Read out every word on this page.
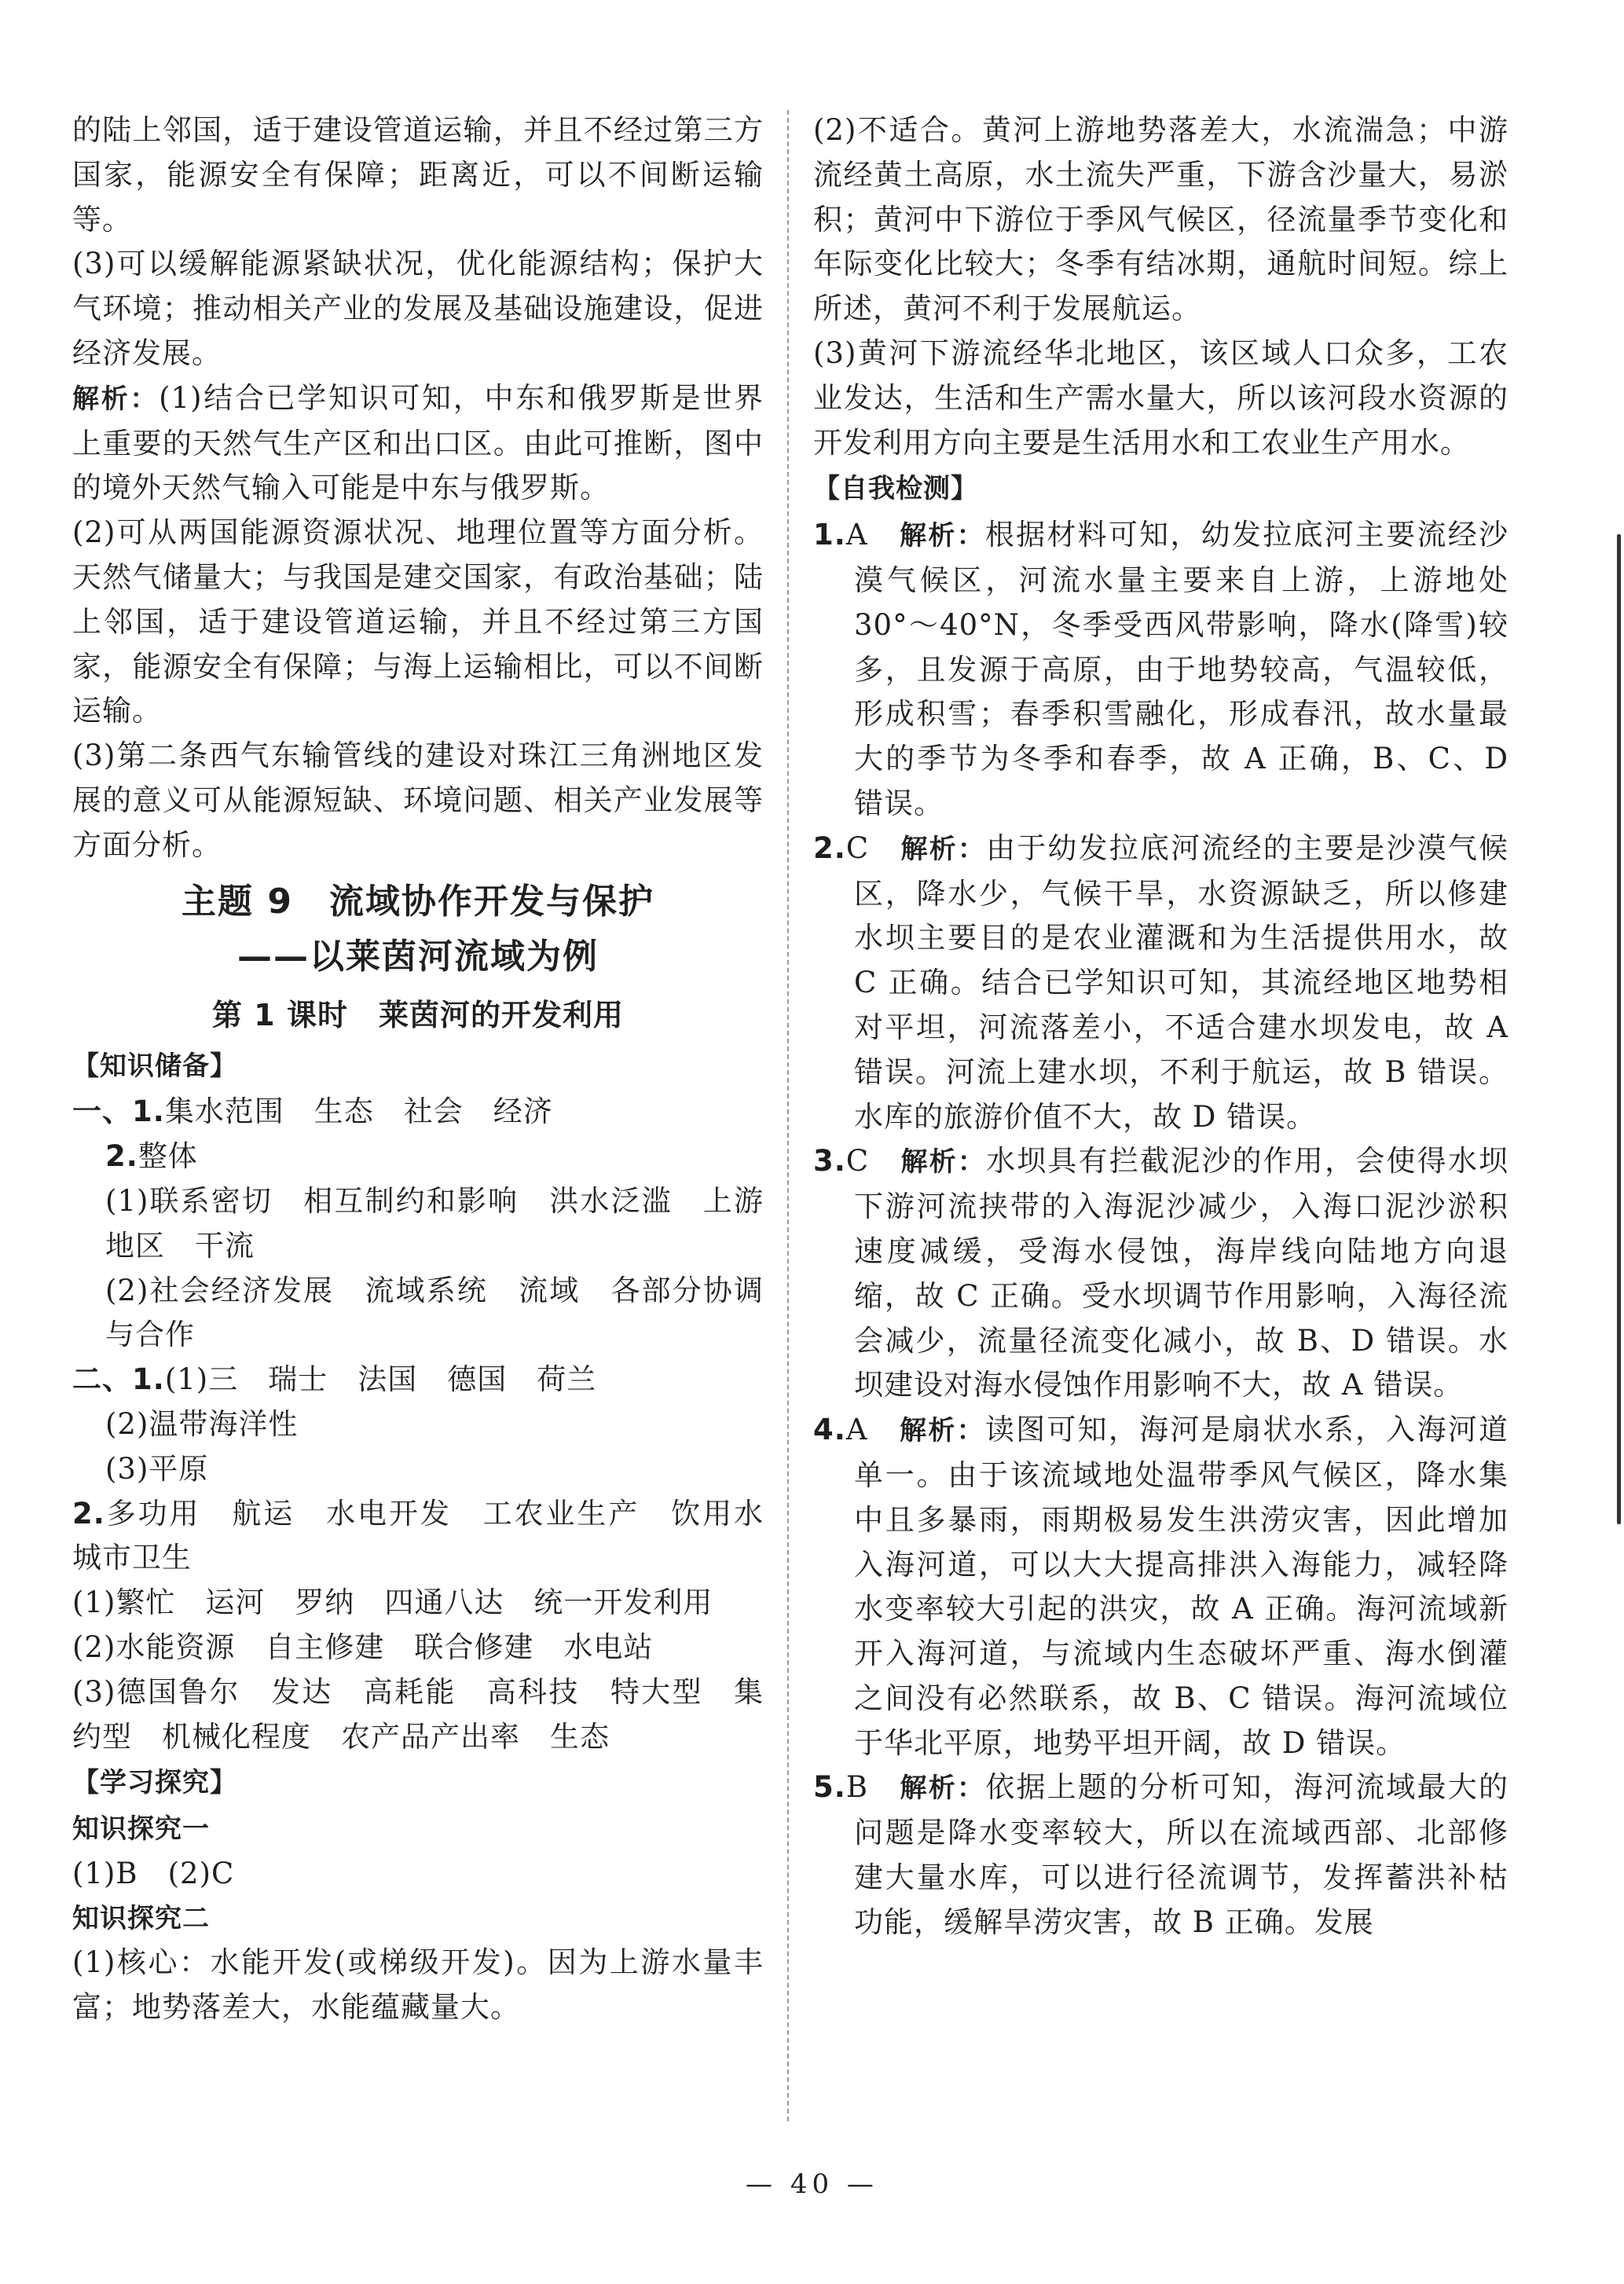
的陆上邻国，适于建设管道运输，并且不经过第三方国家，能源安全有保障；距离近，可以不间断运输等。

(3)可以缓解能源紧缺状况，优化能源结构；保护大气环境；推动相关产业的发展及基础设施建设，促进经济发展。

解析：(1)结合已学知识可知，中东和俄罗斯是世界上重要的天然气生产区和出口区。由此可推断，图中的境外天然气输入可能是中东与俄罗斯。

(2)可从两国能源资源状况、地理位置等方面分析。天然气储量大；与我国是建交国家，有政治基础；陆上邻国，适于建设管道运输，并且不经过第三方国家，能源安全有保障；与海上运输相比，可以不间断运输。

(3)第二条西气东输管线的建设对珠江三角洲地区发展的意义可从能源短缺、环境问题、相关产业发展等方面分析。

主题 9　流域协作开发与保护
——以莱茵河流域为例
第 1 课时　莱茵河的开发利用
【知识储备】

一、1.集水范围　生态　社会　经济

2.整体

(1)联系密切　相互制约和影响　洪水泛滥　上游地区　干流

(2)社会经济发展　流域系统　流域　各部分协调与合作

二、1.(1)三　瑞士　法国　德国　荷兰

(2)温带海洋性

(3)平原

2.多功用　航运　水电开发　工农业生产　饮用水　城市卫生

(1)繁忙　运河　罗纳　四通八达　统一开发利用

(2)水能资源　自主修建　联合修建　水电站

(3)德国鲁尔　发达　高耗能　高科技　特大型　集约型　机械化程度　农产品产出率　生态

【学习探究】
知识探究一

(1)B　(2)C

知识探究二

(1)核心：水能开发(或梯级开发)。因为上游水量丰富；地势落差大，水能蕴藏量大。

(2)不适合。黄河上游地势落差大，水流湍急；中游流经黄土高原，水土流失严重，下游含沙量大，易淤积；黄河中下游位于季风气候区，径流量季节变化和年际变化比较大；冬季有结冰期，通航时间短。综上所述，黄河不利于发展航运。

(3)黄河下游流经华北地区，该区域人口众多，工农业发达，生活和生产需水量大，所以该河段水资源的开发利用方向主要是生活用水和工农业生产用水。

【自我检测】

1.A　 解析：根据材料可知，幼发拉底河主要流经沙漠气候区，河流水量主要来自上游，上游地处 30°～40°N，冬季受西风带影响，降水(降雪)较多，且发源于高原，由于地势较高，气温较低，形成积雪；春季积雪融化，形成春汛，故水量最大的季节为冬季和春季，故 A 正确，B、C、D 错误。

2.C　 解析：由于幼发拉底河流经的主要是沙漠气候区，降水少，气候干旱，水资源缺乏，所以修建水坝主要目的是农业灌溉和为生活提供用水，故 C 正确。结合已学知识可知，其流经地区地势相对平坦，河流落差小，不适合建水坝发电，故 A 错误。河流上建水坝，不利于航运，故 B 错误。水库的旅游价值不大，故 D 错误。

3.C　 解析：水坝具有拦截泥沙的作用，会使得水坝下游河流挟带的入海泥沙减少，入海口泥沙淤积速度减缓，受海水侵蚀，海岸线向陆地方向退缩，故 C 正确。受水坝调节作用影响，入海径流会减少，流量径流变化减小，故 B、D 错误。水坝建设对海水侵蚀作用影响不大，故 A 错误。

4.A　 解析：读图可知，海河是扇状水系，入海河道单一。由于该流域地处温带季风气候区，降水集中且多暴雨，雨期极易发生洪涝灾害，因此增加入海河道，可以大大提高排洪入海能力，减轻降水变率较大引起的洪灾，故 A 正确。海河流域新开入海河道，与流域内生态破坏严重、海水倒灌之间没有必然联系，故 B、C 错误。海河流域位于华北平原，地势平坦开阔，故 D 错误。

5.B　 解析：依据上题的分析可知，海河流域最大的问题是降水变率较大，所以在流域西部、北部修建大量水库，可以进行径流调节，发挥蓄洪补枯功能，缓解旱涝灾害，故 B 正确。发展

— 40 —
